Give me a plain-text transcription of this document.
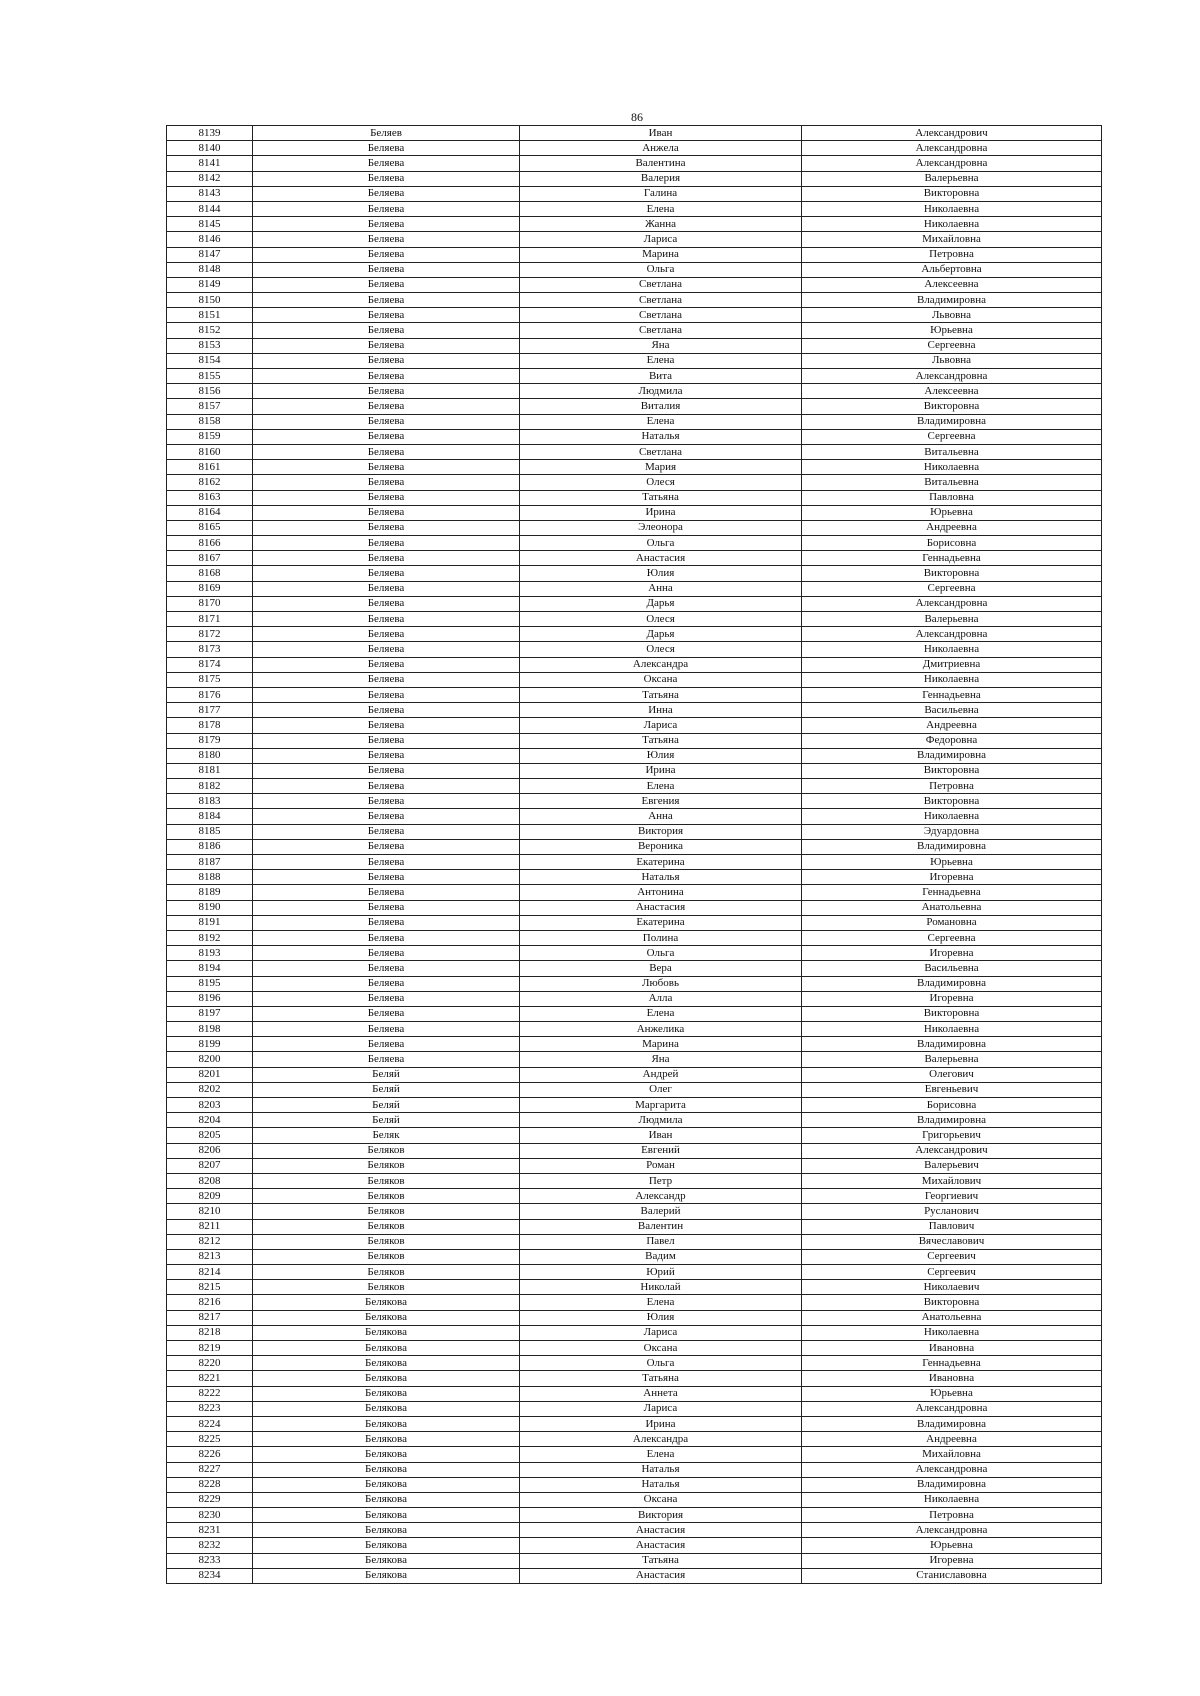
86
8139	Беляев	Иван	Александрович
8140	Беляева	Анжела	Александровна
8141	Беляева	Валентина	Александровна
8142	Беляева	Валерия	Валерьевна
8143	Беляева	Галина	Викторовна
8144	Беляева	Елена	Николаевна
8145	Беляева	Жанна	Николаевна
8146	Беляева	Лариса	Михайловна
8147	Беляева	Марина	Петровна
8148	Беляева	Ольга	Альбертовна
8149	Беляева	Светлана	Алексеевна
8150	Беляева	Светлана	Владимировна
8151	Беляева	Светлана	Львовна
8152	Беляева	Светлана	Юрьевна
8153	Беляева	Яна	Сергеевна
8154	Беляева	Елена	Львовна
8155	Беляева	Вита	Александровна
8156	Беляева	Людмила	Алексеевна
8157	Беляева	Виталия	Викторовна
8158	Беляева	Елена	Владимировна
8159	Беляева	Наталья	Сергеевна
8160	Беляева	Светлана	Витальевна
8161	Беляева	Мария	Николаевна
8162	Беляева	Олеся	Витальевна
8163	Беляева	Татьяна	Павловна
8164	Беляева	Ирина	Юрьевна
8165	Беляева	Элеонора	Андреевна
8166	Беляева	Ольга	Борисовна
8167	Беляева	Анастасия	Геннадьевна
8168	Беляева	Юлия	Викторовна
8169	Беляева	Анна	Сергеевна
8170	Беляева	Дарья	Александровна
8171	Беляева	Олеся	Валерьевна
8172	Беляева	Дарья	Александровна
8173	Беляева	Олеся	Николаевна
8174	Беляева	Александра	Дмитриевна
8175	Беляева	Оксана	Николаевна
8176	Беляева	Татьяна	Геннадьевна
8177	Беляева	Инна	Васильевна
8178	Беляева	Лариса	Андреевна
8179	Беляева	Татьяна	Федоровна
8180	Беляева	Юлия	Владимировна
8181	Беляева	Ирина	Викторовна
8182	Беляева	Елена	Петровна
8183	Беляева	Евгения	Викторовна
8184	Беляева	Анна	Николаевна
8185	Беляева	Виктория	Эдуардовна
8186	Беляева	Вероника	Владимировна
8187	Беляева	Екатерина	Юрьевна
8188	Беляева	Наталья	Игоревна
8189	Беляева	Антонина	Геннадьевна
8190	Беляева	Анастасия	Анатольевна
8191	Беляева	Екатерина	Романовна
8192	Беляева	Полина	Сергеевна
8193	Беляева	Ольга	Игоревна
8194	Беляева	Вера	Васильевна
8195	Беляева	Любовь	Владимировна
8196	Беляева	Алла	Игоревна
8197	Беляева	Елена	Викторовна
8198	Беляева	Анжелика	Николаевна
8199	Беляева	Марина	Владимировна
8200	Беляева	Яна	Валерьевна
8201	Беляй	Андрей	Олегович
8202	Беляй	Олег	Евгеньевич
8203	Беляй	Маргарита	Борисовна
8204	Беляй	Людмила	Владимировна
8205	Беляк	Иван	Григорьевич
8206	Беляков	Евгений	Александрович
8207	Беляков	Роман	Валерьевич
8208	Беляков	Петр	Михайлович
8209	Беляков	Александр	Георгиевич
8210	Беляков	Валерий	Русланович
8211	Беляков	Валентин	Павлович
8212	Беляков	Павел	Вячеславович
8213	Беляков	Вадим	Сергеевич
8214	Беляков	Юрий	Сергеевич
8215	Беляков	Николай	Николаевич
8216	Белякова	Елена	Викторовна
8217	Белякова	Юлия	Анатольевна
8218	Белякова	Лариса	Николаевна
8219	Белякова	Оксана	Ивановна
8220	Белякова	Ольга	Геннадьевна
8221	Белякова	Татьяна	Ивановна
8222	Белякова	Аннета	Юрьевна
8223	Белякова	Лариса	Александровна
8224	Белякова	Ирина	Владимировна
8225	Белякова	Александра	Андреевна
8226	Белякова	Елена	Михайловна
8227	Белякова	Наталья	Александровна
8228	Белякова	Наталья	Владимировна
8229	Белякова	Оксана	Николаевна
8230	Белякова	Виктория	Петровна
8231	Белякова	Анастасия	Александровна
8232	Белякова	Анастасия	Юрьевна
8233	Белякова	Татьяна	Игоревна
8234	Белякова	Анастасия	Станиславовна
